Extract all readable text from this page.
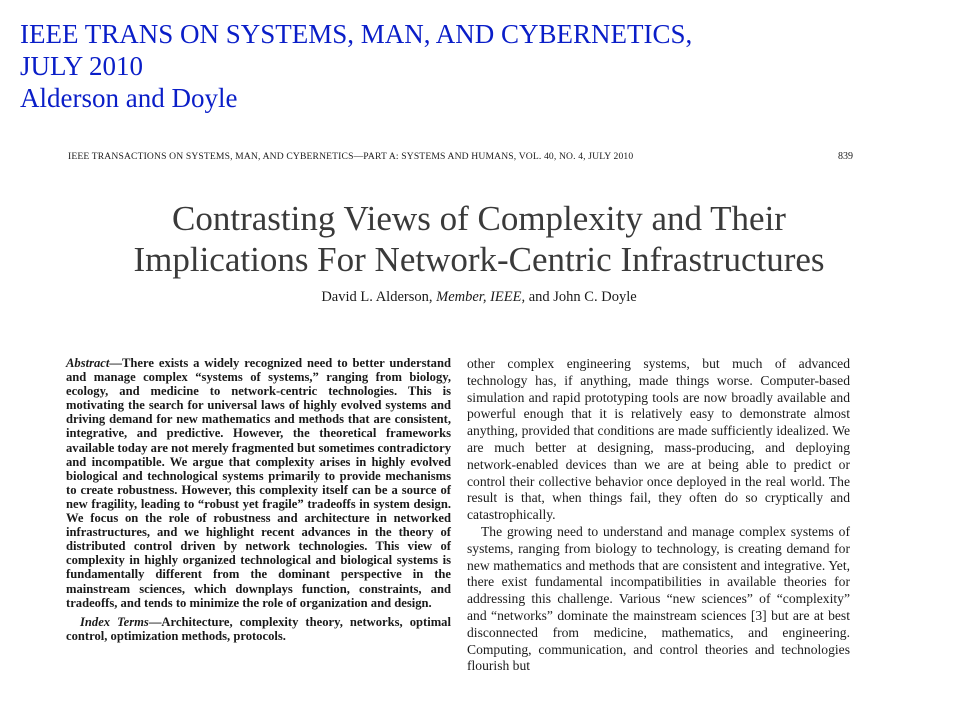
IEEE TRANS ON SYSTEMS, MAN, AND CYBERNETICS,
JULY 2010
Alderson and Doyle
IEEE TRANSACTIONS ON SYSTEMS, MAN, AND CYBERNETICS—PART A: SYSTEMS AND HUMANS, VOL. 40, NO. 4, JULY 2010	839
Contrasting Views of Complexity and Their
Implications For Network-Centric Infrastructures
David L. Alderson, Member, IEEE, and John C. Doyle

Abstract—There exists a widely recognized need to better understand and manage complex “systems of systems,” ranging from biology, ecology, and medicine to network-centric technologies. This is motivating the search for universal laws of highly evolved systems and driving demand for new mathematics and methods that are consistent, integrative, and predictive. However, the theoretical frameworks available today are not merely fragmented but sometimes contradictory and incompatible. We argue that complexity arises in highly evolved biological and technological systems primarily to provide mechanisms to create robustness. However, this complexity itself can be a source of new fragility, leading to “robust yet fragile” tradeoffs in system design. We focus on the role of robustness and architecture in networked infrastructures, and we highlight recent advances in the theory of distributed control driven by network technologies. This view of complexity in highly organized technological and biological systems is fundamentally different from the dominant perspective in the mainstream sciences, which downplays function, constraints, and tradeoffs, and tends to minimize the role of organization and design.

Index Terms—Architecture, complexity theory, networks, optimal control, optimization methods, protocols.

other complex engineering systems, but much of advanced technology has, if anything, made things worse. Computer-based simulation and rapid prototyping tools are now broadly available and powerful enough that it is relatively easy to demonstrate almost anything, provided that conditions are made sufficiently idealized. We are much better at designing, mass-producing, and deploying network-enabled devices than we are at being able to predict or control their collective behavior once deployed in the real world. The result is that, when things fail, they often do so cryptically and catastrophically.

The growing need to understand and manage complex systems of systems, ranging from biology to technology, is creating demand for new mathematics and methods that are consistent and integrative. Yet, there exist fundamental incompatibilities in available theories for addressing this challenge. Various “new sciences” of “complexity” and “networks” dominate the mainstream sciences [3] but are at best disconnected from medicine, mathematics, and engineering. Computing, communication, and control theories and technologies flourish but
